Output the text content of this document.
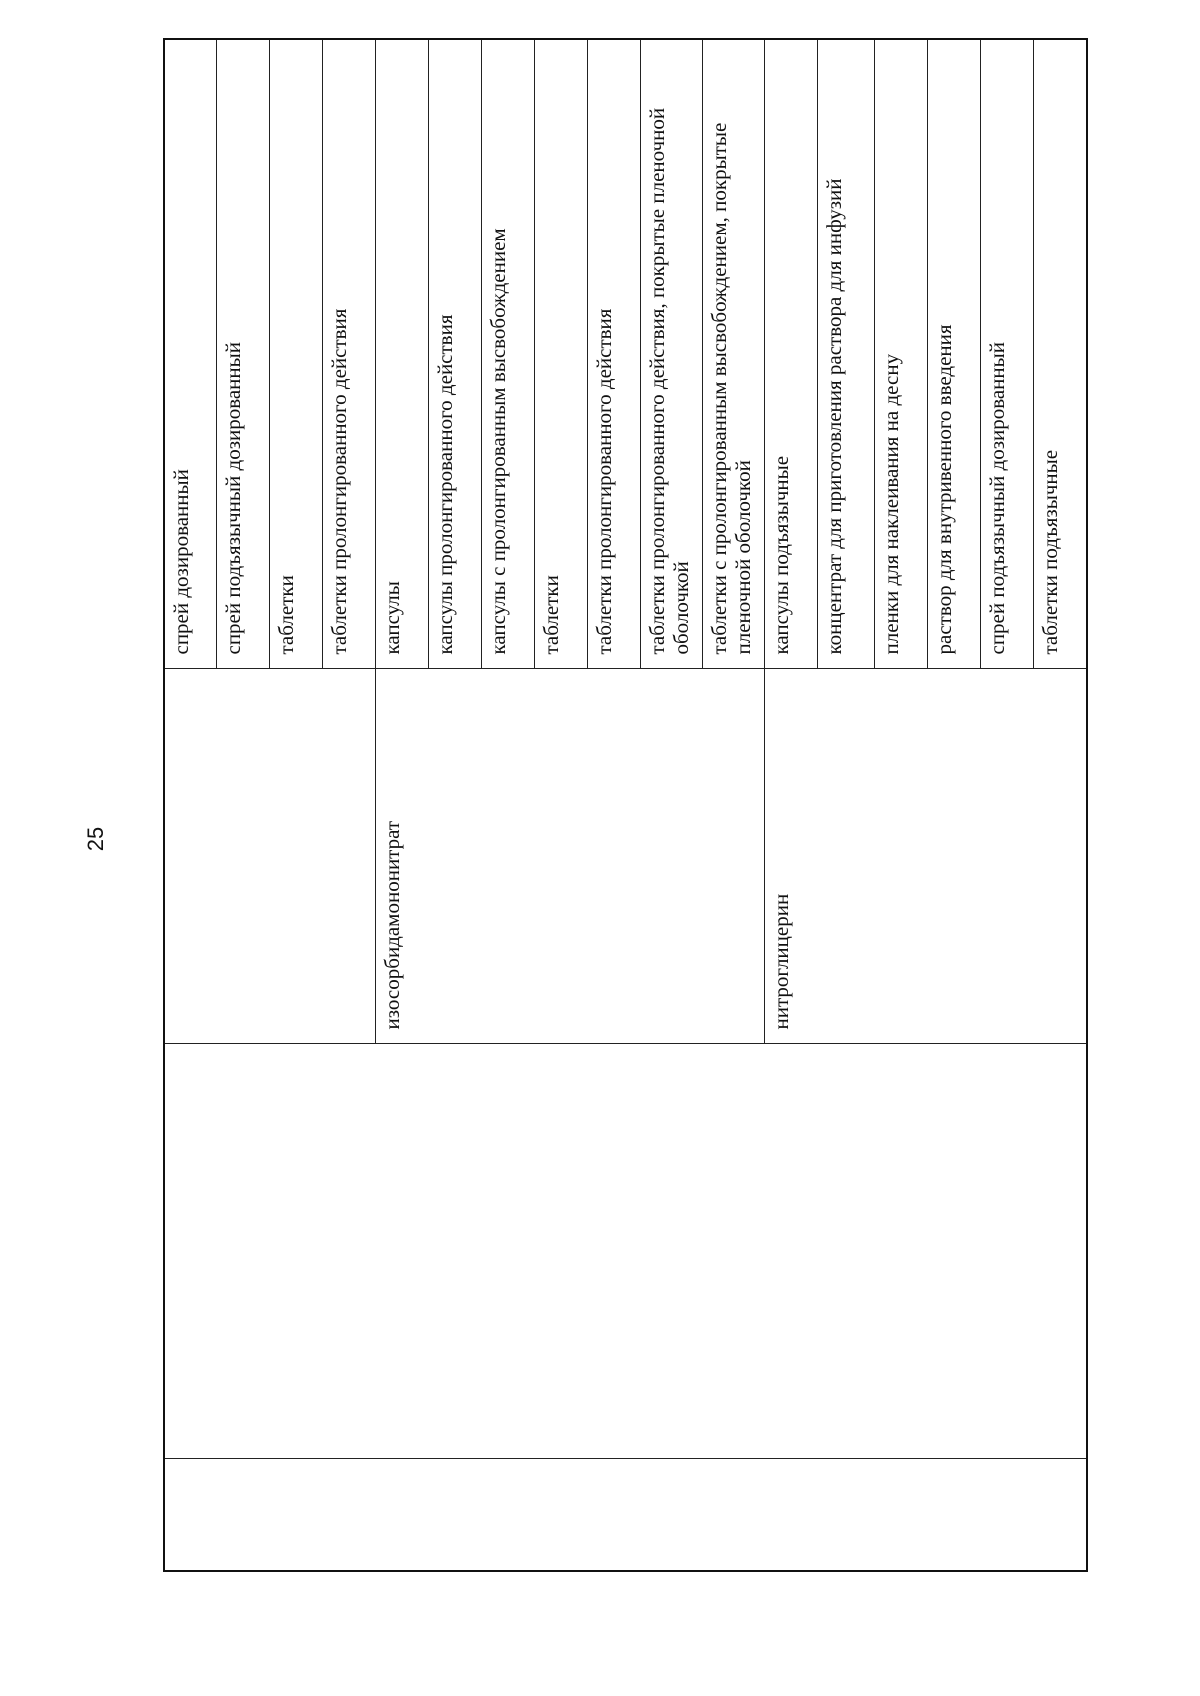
25
			спрей дозированный
			спрей подъязычный дозированный
			таблетки
			таблетки пролонгированного действия
		изосорбидамононитрат	капсулы
			капсулы пролонгированного действия
			капсулы с пролонгированным высвобождением
			таблетки
			таблетки пролонгированного действия
			таблетки пролонгированного действия, покрытые пленочной оболочкой
			таблетки с пролонгированным высвобождением, покрытые пленочной оболочкой
		нитроглицерин	капсулы подъязычные
			концентрат для приготовления раствора для инфузий
			пленки для наклеивания на десну
			раствор для внутривенного введения
			спрей подъязычный дозированный
			таблетки подъязычные
